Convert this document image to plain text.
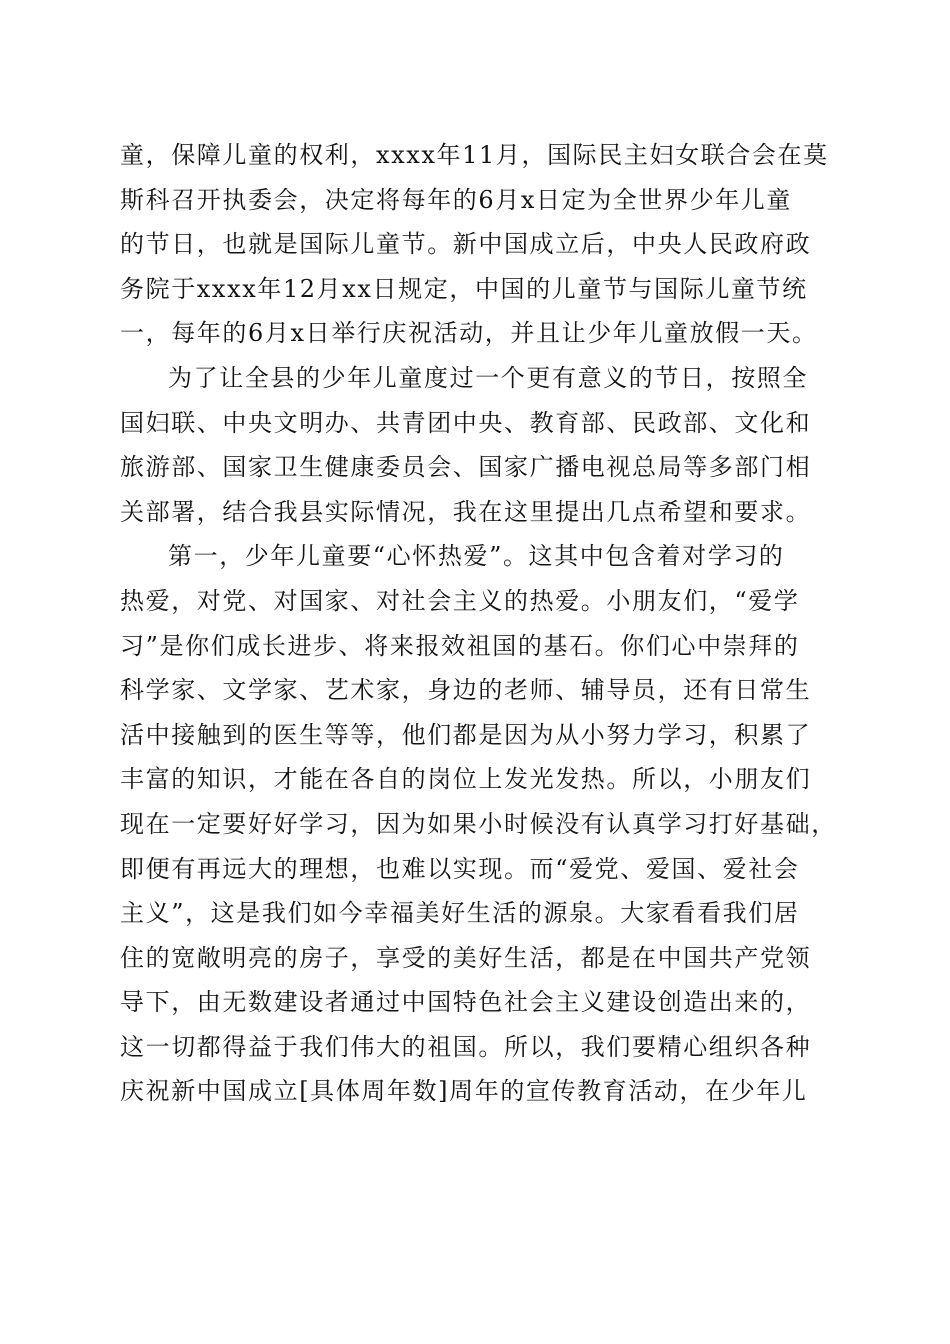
童，保障儿童的权利，xxxx年11月，国际民主妇女联合会在莫
斯科召开执委会，决定将每年的6月x日定为全世界少年儿童
的节日，也就是国际儿童节。新中国成立后，中央人民政府政
务院于xxxx年12月xx日规定，中国的儿童节与国际儿童节统
一，每年的6月x日举行庆祝活动，并且让少年儿童放假一天。
为了让全县的少年儿童度过一个更有意义的节日，按照全
国妇联、中央文明办、共青团中央、教育部、民政部、文化和
旅游部、国家卫生健康委员会、国家广播电视总局等多部门相
关部署，结合我县实际情况，我在这里提出几点希望和要求。
第一，少年儿童要“心怀热爱”。这其中包含着对学习的
热爱，对党、对国家、对社会主义的热爱。小朋友们，“爱学
习”是你们成长进步、将来报效祖国的基石。你们心中崇拜的
科学家、文学家、艺术家，身边的老师、辅导员，还有日常生
活中接触到的医生等等，他们都是因为从小努力学习，积累了
丰富的知识，才能在各自的岗位上发光发热。所以，小朋友们
现在一定要好好学习，因为如果小时候没有认真学习打好基础，
即便有再远大的理想，也难以实现。而“爱党、爱国、爱社会
主义”，这是我们如今幸福美好生活的源泉。大家看看我们居
住的宽敞明亮的房子，享受的美好生活，都是在中国共产党领
导下，由无数建设者通过中国特色社会主义建设创造出来的，
这一切都得益于我们伟大的祖国。所以，我们要精心组织各种
庆祝新中国成立[具体周年数]周年的宣传教育活动，在少年儿
